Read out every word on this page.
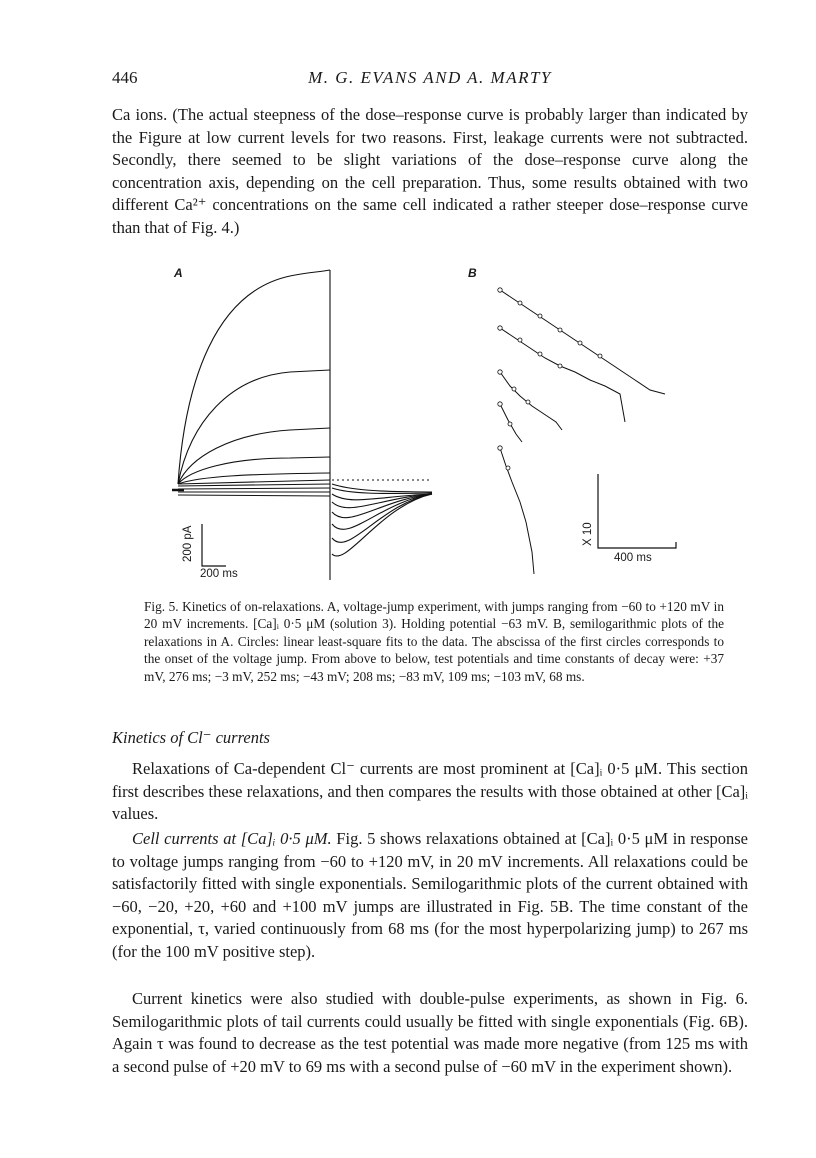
446	M. G. EVANS AND A. MARTY

Ca ions. (The actual steepness of the dose–response curve is probably larger than indicated by the Figure at low current levels for two reasons. First, leakage currents were not subtracted. Secondly, there seemed to be slight variations of the dose–response curve along the concentration axis, depending on the cell preparation. Thus, some results obtained with two different Ca²⁺ concentrations on the same cell indicated a rather steeper dose–response curve than that of Fig. 4.)

A	B
200 pA
200 ms
X 10
400 ms

Fig. 5. Kinetics of on-relaxations. A, voltage-jump experiment, with jumps ranging from −60 to +120 mV in 20 mV increments. [Ca]ᵢ 0·5 μM (solution 3). Holding potential −63 mV. B, semilogarithmic plots of the relaxations in A. Circles: linear least-square fits to the data. The abscissa of the first circles corresponds to the onset of the voltage jump. From above to below, test potentials and time constants of decay were: +37 mV, 276 ms; −3 mV, 252 ms; −43 mV; 208 ms; −83 mV, 109 ms; −103 mV, 68 ms.

Kinetics of Cl⁻ currents

Relaxations of Ca-dependent Cl⁻ currents are most prominent at [Ca]ᵢ 0·5 μM. This section first describes these relaxations, and then compares the results with those obtained at other [Ca]ᵢ values.

Cell currents at [Ca]ᵢ 0·5 μM. Fig. 5 shows relaxations obtained at [Ca]ᵢ 0·5 μM in response to voltage jumps ranging from −60 to +120 mV, in 20 mV increments. All relaxations could be satisfactorily fitted with single exponentials. Semilogarithmic plots of the current obtained with −60, −20, +20, +60 and +100 mV jumps are illustrated in Fig. 5B. The time constant of the exponential, τ, varied continuously from 68 ms (for the most hyperpolarizing jump) to 267 ms (for the 100 mV positive step).

Current kinetics were also studied with double-pulse experiments, as shown in Fig. 6. Semilogarithmic plots of tail currents could usually be fitted with single exponentials (Fig. 6B). Again τ was found to decrease as the test potential was made more negative (from 125 ms with a second pulse of +20 mV to 69 ms with a second pulse of −60 mV in the experiment shown).
